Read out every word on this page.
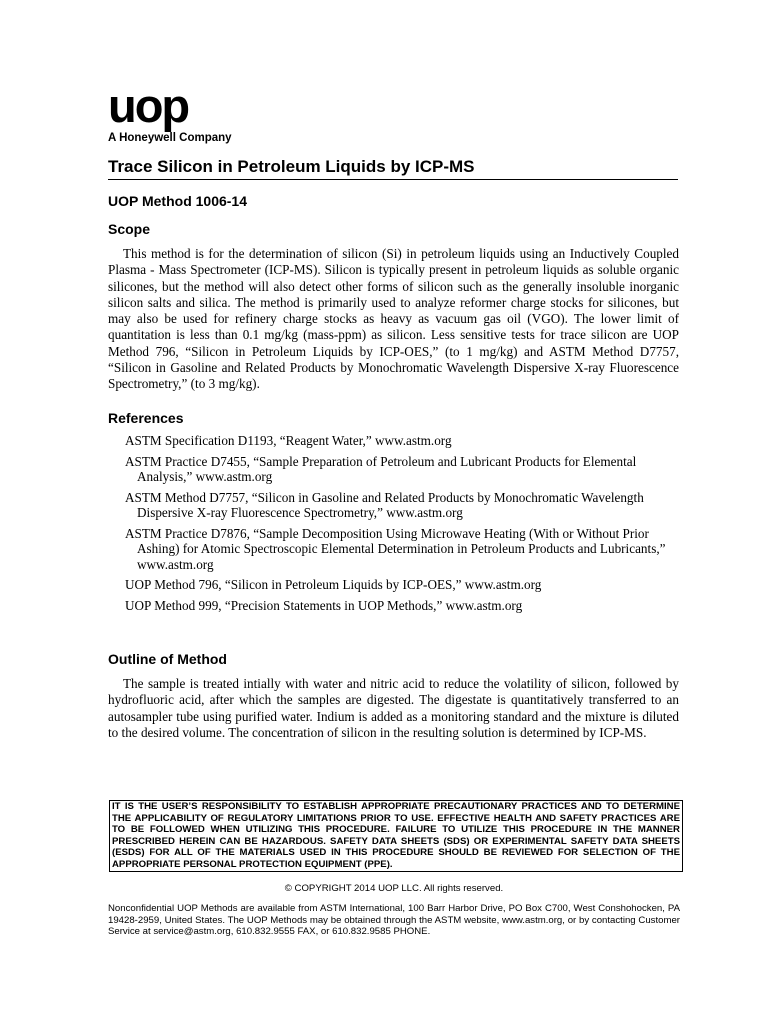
uop
A Honeywell Company
Trace Silicon in Petroleum Liquids by ICP-MS
UOP Method 1006-14
Scope

This method is for the determination of silicon (Si) in petroleum liquids using an Inductively Coupled Plasma - Mass Spectrometer (ICP-MS). Silicon is typically present in petroleum liquids as soluble organic silicones, but the method will also detect other forms of silicon such as the generally insoluble inorganic silicon salts and silica. The method is primarily used to analyze reformer charge stocks for silicones, but may also be used for refinery charge stocks as heavy as vacuum gas oil (VGO). The lower limit of quantitation is less than 0.1 mg/kg (mass-ppm) as silicon. Less sensitive tests for trace silicon are UOP Method 796, “Silicon in Petroleum Liquids by ICP-OES,” (to 1 mg/kg) and ASTM Method D7757, “Silicon in Gasoline and Related Products by Monochromatic Wavelength Dispersive X-ray Fluorescence Spectrometry,” (to 3 mg/kg).

References
ASTM Specification D1193, “Reagent Water,” www.astm.org
ASTM Practice D7455, “Sample Preparation of Petroleum and Lubricant Products for Elemental Analysis,” www.astm.org
ASTM Method D7757, “Silicon in Gasoline and Related Products by Monochromatic Wavelength Dispersive X-ray Fluorescence Spectrometry,” www.astm.org
ASTM Practice D7876, “Sample Decomposition Using Microwave Heating (With or Without Prior Ashing) for Atomic Spectroscopic Elemental Determination in Petroleum Products and Lubricants,” www.astm.org
UOP Method 796, “Silicon in Petroleum Liquids by ICP-OES,” www.astm.org
UOP Method 999, “Precision Statements in UOP Methods,” www.astm.org
Outline of Method

The sample is treated intially with water and nitric acid to reduce the volatility of silicon, followed by hydrofluoric acid, after which the samples are digested. The digestate is quantitatively transferred to an autosampler tube using purified water. Indium is added as a monitoring standard and the mixture is diluted to the desired volume. The concentration of silicon in the resulting solution is determined by ICP-MS.

IT IS THE USER’S RESPONSIBILITY TO ESTABLISH APPROPRIATE PRECAUTIONARY PRACTICES AND TO DETERMINE THE APPLICABILITY OF REGULATORY LIMITATIONS PRIOR TO USE. EFFECTIVE HEALTH AND SAFETY PRACTICES ARE TO BE FOLLOWED WHEN UTILIZING THIS PROCEDURE. FAILURE TO UTILIZE THIS PROCEDURE IN THE MANNER PRESCRIBED HEREIN CAN BE HAZARDOUS. SAFETY DATA SHEETS (SDS) OR EXPERIMENTAL SAFETY DATA SHEETS (ESDS) FOR ALL OF THE MATERIALS USED IN THIS PROCEDURE SHOULD BE REVIEWED FOR SELECTION OF THE APPROPRIATE PERSONAL PROTECTION EQUIPMENT (PPE).
© COPYRIGHT 2014 UOP LLC. All rights reserved.

Nonconfidential UOP Methods are available from ASTM International, 100 Barr Harbor Drive, PO Box C700, West Conshohocken, PA 19428-2959, United States. The UOP Methods may be obtained through the ASTM website, www.astm.org, or by contacting Customer Service at service@astm.org, 610.832.9555 FAX, or 610.832.9585 PHONE.
